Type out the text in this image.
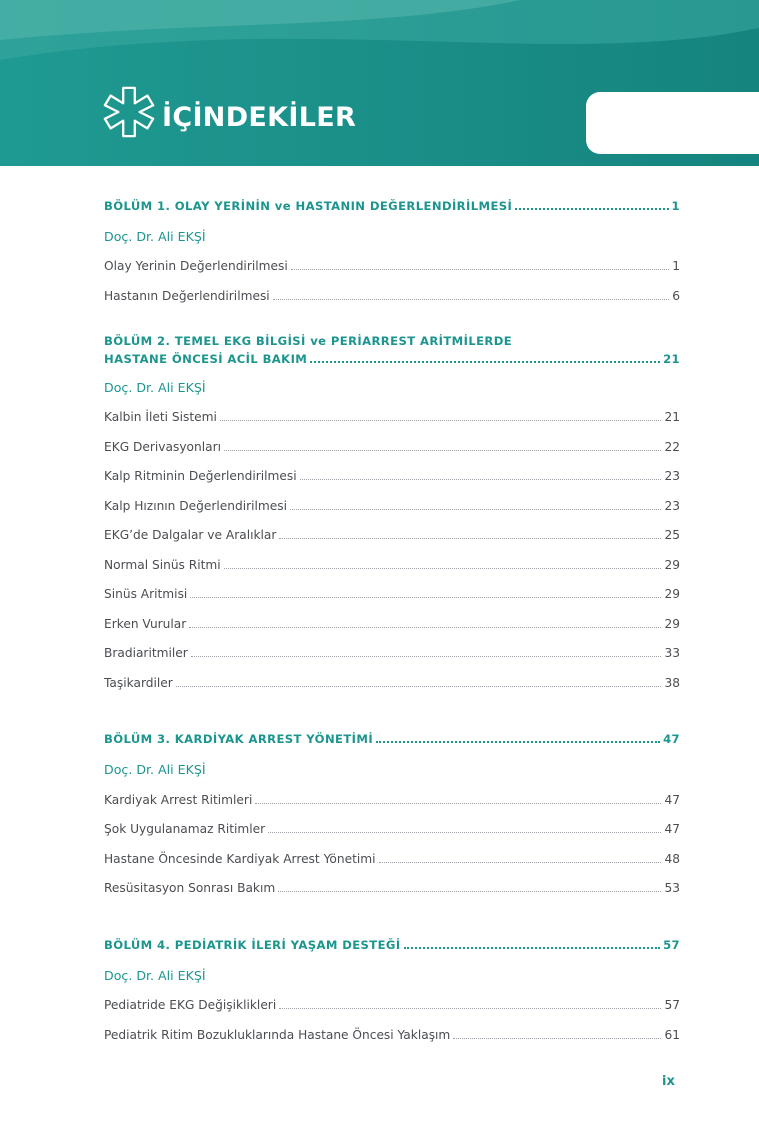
İÇİNDEKİLER
BÖLÜM 1. OLAY YERİNİN ve HASTANIN DEĞERLENDİRİLMESİ	1
Doç. Dr. Ali EKŞİ
Olay Yerinin Değerlendirilmesi	1
Hastanın Değerlendirilmesi	6
BÖLÜM 2. TEMEL EKG BİLGİSİ ve PERİARREST ARİTMİLERDE
HASTANE ÖNCESİ ACİL BAKIM	21
Doç. Dr. Ali EKŞİ
Kalbin İleti Sistemi	21
EKG Derivasyonları	22
Kalp Ritminin Değerlendirilmesi	23
Kalp Hızının Değerlendirilmesi	23
EKG’de Dalgalar ve Aralıklar	25
Normal Sinüs Ritmi	29
Sinüs Aritmisi	29
Erken Vurular	29
Bradiaritmiler	33
Taşikardiler	38
BÖLÜM 3. KARDİYAK ARREST YÖNETİMİ	47
Doç. Dr. Ali EKŞİ
Kardiyak Arrest Ritimleri	47
Şok Uygulanamaz Ritimler	47
Hastane Öncesinde Kardiyak Arrest Yönetimi	48
Resüsitasyon Sonrası Bakım	53
BÖLÜM 4. PEDİATRİK İLERİ YAŞAM DESTEĞİ	57
Doç. Dr. Ali EKŞİ
Pediatride EKG Değişiklikleri	57
Pediatrik Ritim Bozukluklarında Hastane Öncesi Yaklaşım	61
ix
